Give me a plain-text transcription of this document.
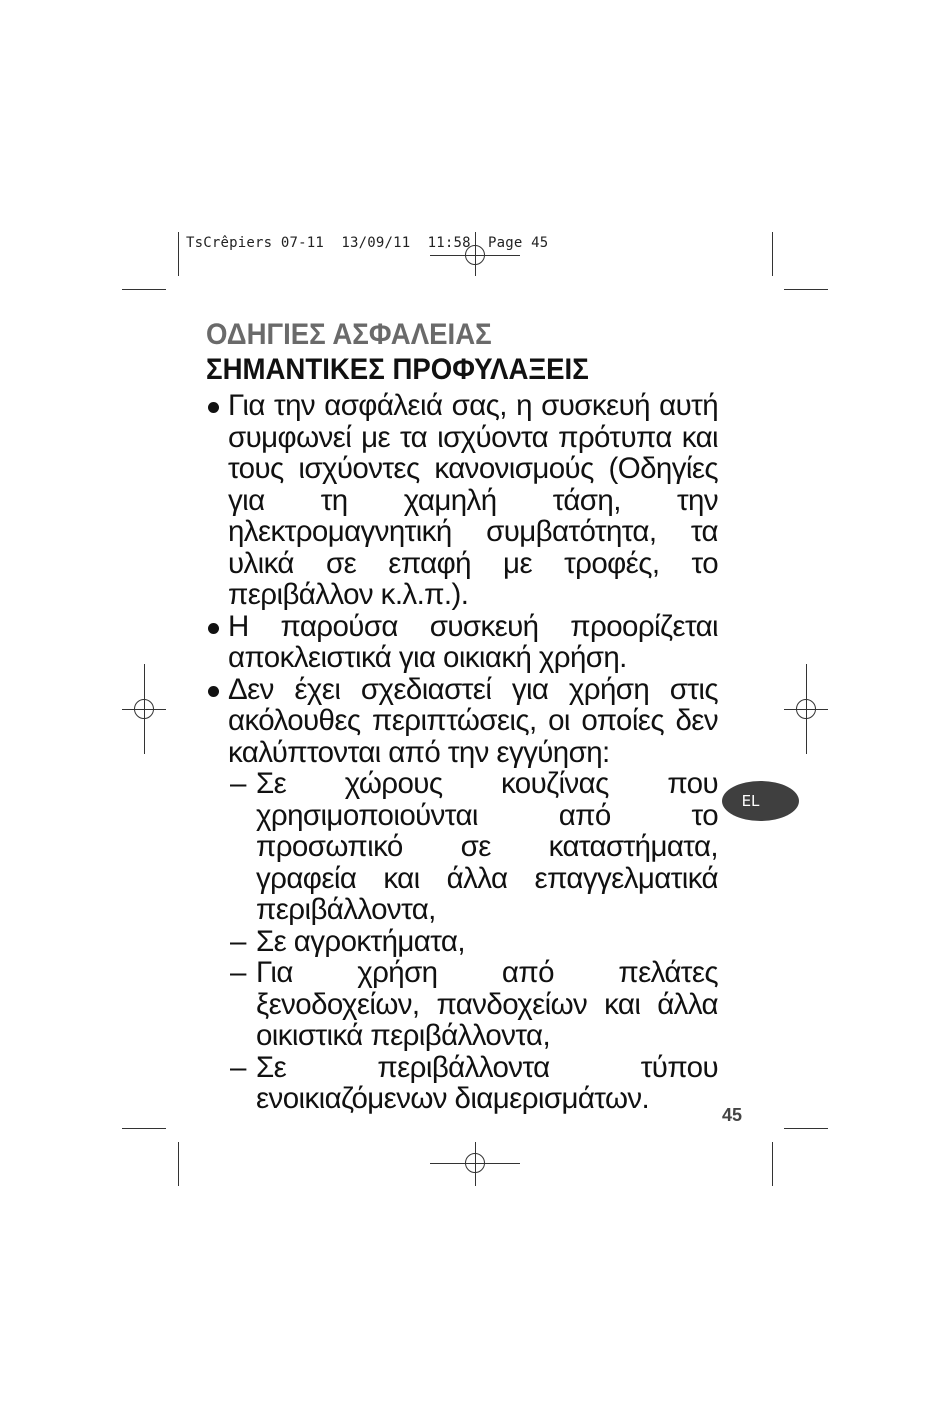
TsCrêpiers 07-11  13/09/11  11:58  Page 45
ΟΔΗΓΙΕΣ ΑΣΦΑΛΕΙΑΣ
ΣΗΜΑΝΤΙΚΕΣ ΠΡΟΦΥΛΑΞΕΙΣ
Για την ασφάλειά σας, η συσκευή αυτή συμφωνεί με τα ισχύοντα πρότυπα και τους ισχύοντες κανονισμούς (Οδηγίες για τη χαμηλή τάση, την ηλεκτρομαγνητική συμβατότητα, τα υλικά σε επαφή με τροφές, το περιβάλλον κ.λ.π.).
Η παρούσα συσκευή προορίζεται αποκλειστικά για οικιακή χρήση.
Δεν έχει σχεδιαστεί για χρήση στις ακόλουθες περιπτώσεις, οι οποίες δεν καλύπτονται από την εγγύηση:
– Σε χώρους κουζίνας που χρησιμοποιούνται από το προσωπικό σε καταστήματα, γραφεία και άλλα επαγγελματικά περιβάλλοντα,
– Σε αγροκτήματα,
– Για χρήση από πελάτες ξενοδοχείων, πανδοχείων και άλλα οικιστικά περιβάλλοντα,
– Σε περιβάλλοντα τύπου ενοικιαζόμενων διαμερισμάτων.
EL
45
